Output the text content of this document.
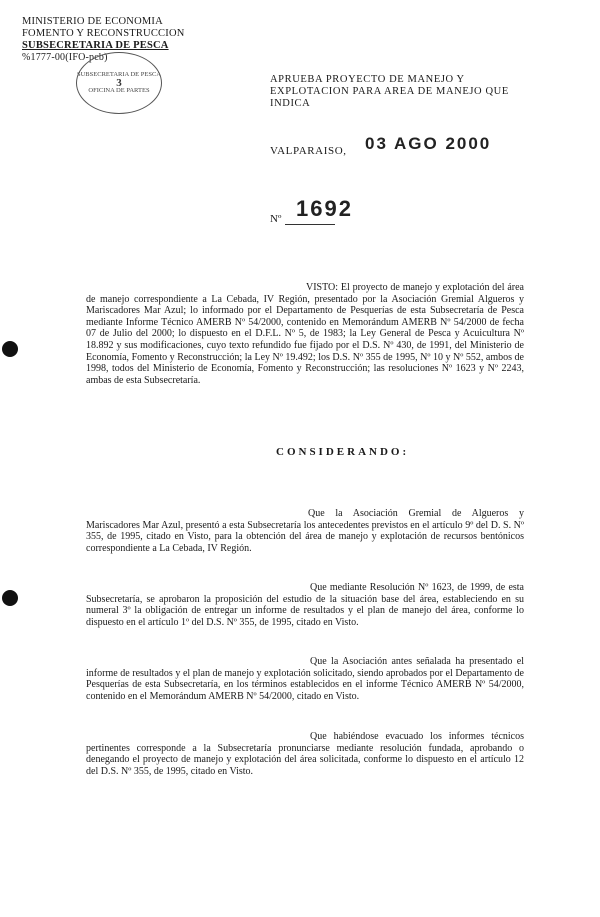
MINISTERIO DE ECONOMIA
FOMENTO Y RECONSTRUCCION
SUBSECRETARIA DE PESCA
%1777-00(IFO-pcb)
SUBSECRETARIA DE PESCA
3
OFICINA DE PARTES
APRUEBA PROYECTO DE MANEJO Y EXPLOTACION PARA AREA DE MANEJO QUE INDICA
VALPARAISO, 03 AGO 2000
Nº 1692
VISTO: El proyecto de manejo y explotación del área de manejo correspondiente a La Cebada, IV Región, presentado por la Asociación Gremial Algueros y Mariscadores Mar Azul; lo informado por el Departamento de Pesquerías de esta Subsecretaría de Pesca mediante Informe Técnico AMERB Nº 54/2000, contenido en Memorándum AMERB Nº 54/2000 de fecha 07 de Julio del 2000; lo dispuesto en el D.F.L. Nº 5, de 1983; la Ley General de Pesca y Acuicultura Nº 18.892 y sus modificaciones, cuyo texto refundido fue fijado por el D.S. Nº 430, de 1991, del Ministerio de Economía, Fomento y Reconstrucción; la Ley Nº 19.492; los D.S. Nº 355 de 1995, Nº 10 y Nº 552, ambos de 1998, todos del Ministerio de Economía, Fomento y Reconstrucción; las resoluciones Nº 1623 y Nº 2243, ambas de esta Subsecretaría.
CONSIDERANDO:
Que la Asociación Gremial de Algueros y Mariscadores Mar Azul, presentó a esta Subsecretaría los antecedentes previstos en el artículo 9º del D. S. Nº 355, de 1995, citado en Visto, para la obtención del área de manejo y explotación de recursos bentónicos correspondiente a La Cebada, IV Región.
Que mediante Resolución Nº 1623, de 1999, de esta Subsecretaría, se aprobaron la proposición del estudio de la situación base del área, estableciendo en su numeral 3º la obligación de entregar un informe de resultados y el plan de manejo del área, conforme lo dispuesto en el artículo 1º del D.S. Nº 355, de 1995, citado en Visto.
Que la Asociación antes señalada ha presentado el informe de resultados y el plan de manejo y explotación solicitado, siendo aprobados por el Departamento de Pesquerías de esta Subsecretaría, en los términos establecidos en el informe Técnico AMERB Nº 54/2000, contenido en el Memorándum AMERB Nº 54/2000, citado en Visto.
Que habiéndose evacuado los informes técnicos pertinentes corresponde a la Subsecretaría pronunciarse mediante resolución fundada, aprobando o denegando el proyecto de manejo y explotación del área solicitada, conforme lo dispuesto en el artículo 12 del D.S. Nº 355, de 1995, citado en Visto.
